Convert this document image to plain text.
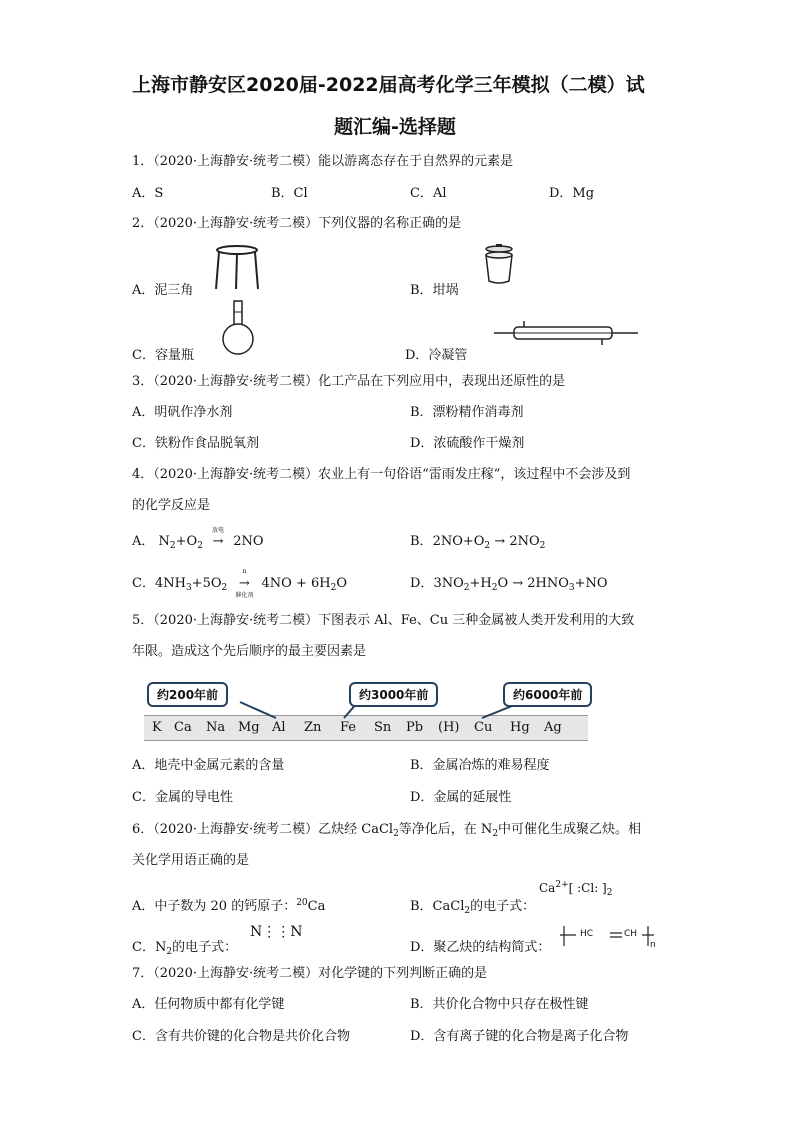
上海市静安区2020届-2022届高考化学三年模拟（二模）试
题汇编-选择题
1．（2020·上海静安·统考二模）能以游离态存在于自然界的元素是
A．S	B．Cl	C．Al	D．Mg
2．（2020·上海静安·统考二模）下列仪器的名称正确的是
A．泥三角	B．坩埚
C．容量瓶	D．冷凝管
3．（2020·上海静安·统考二模）化工产品在下列应用中，表现出还原性的是
A．明矾作净水剂	B．漂粉精作消毒剂
C．铁粉作食品脱氧剂	D．浓硫酸作干燥剂
4．（2020·上海静安·统考二模）农业上有一句俗语“雷雨发庄稼”，该过程中不会涉及到
的化学反应是
A． $N_2+O_2$
放电
→ 2NO	B．$2NO+O_2 \to 2NO_2$
C．$4NH_3+5O_2$
n
→
催化剂
$4NO + 6H_2O$	D．$3NO_2+H_2O \to 2HNO_3+NO$
5．（2020·上海静安·统考二模）下图表示 Al、Fe、Cu 三种金属被人类开发利用的大致
年限。造成这个先后顺序的最主要因素是
K Ca Na Mg Al Zn Fe Sn Pb (H) Cu Hg Ag
约200年前	约3000年前	约6000年前
A．地壳中金属元素的含量	B．金属冶炼的难易程度
C．金属的导电性	D．金属的延展性
6．（2020·上海静安·统考二模）乙炔经 CaCl$_2$等净化后，在 $N_2$中可催化生成聚乙炔。相
关化学用语正确的是
A．中子数为 20 的钙原子：$^{20}$Ca	B．CaCl$_2$的电子式：
$Ca^{2+}$[ :Cl: ]$_2$
C．$N_2$的电子式：
N⋮⋮N
D．聚乙炔的结构简式：
HC	CH
n
7．（2020·上海静安·统考二模）对化学键的下列判断正确的是
A．任何物质中都有化学键	B．共价化合物中只存在极性键
C．含有共价键的化合物是共价化合物	D．含有离子键的化合物是离子化合物
